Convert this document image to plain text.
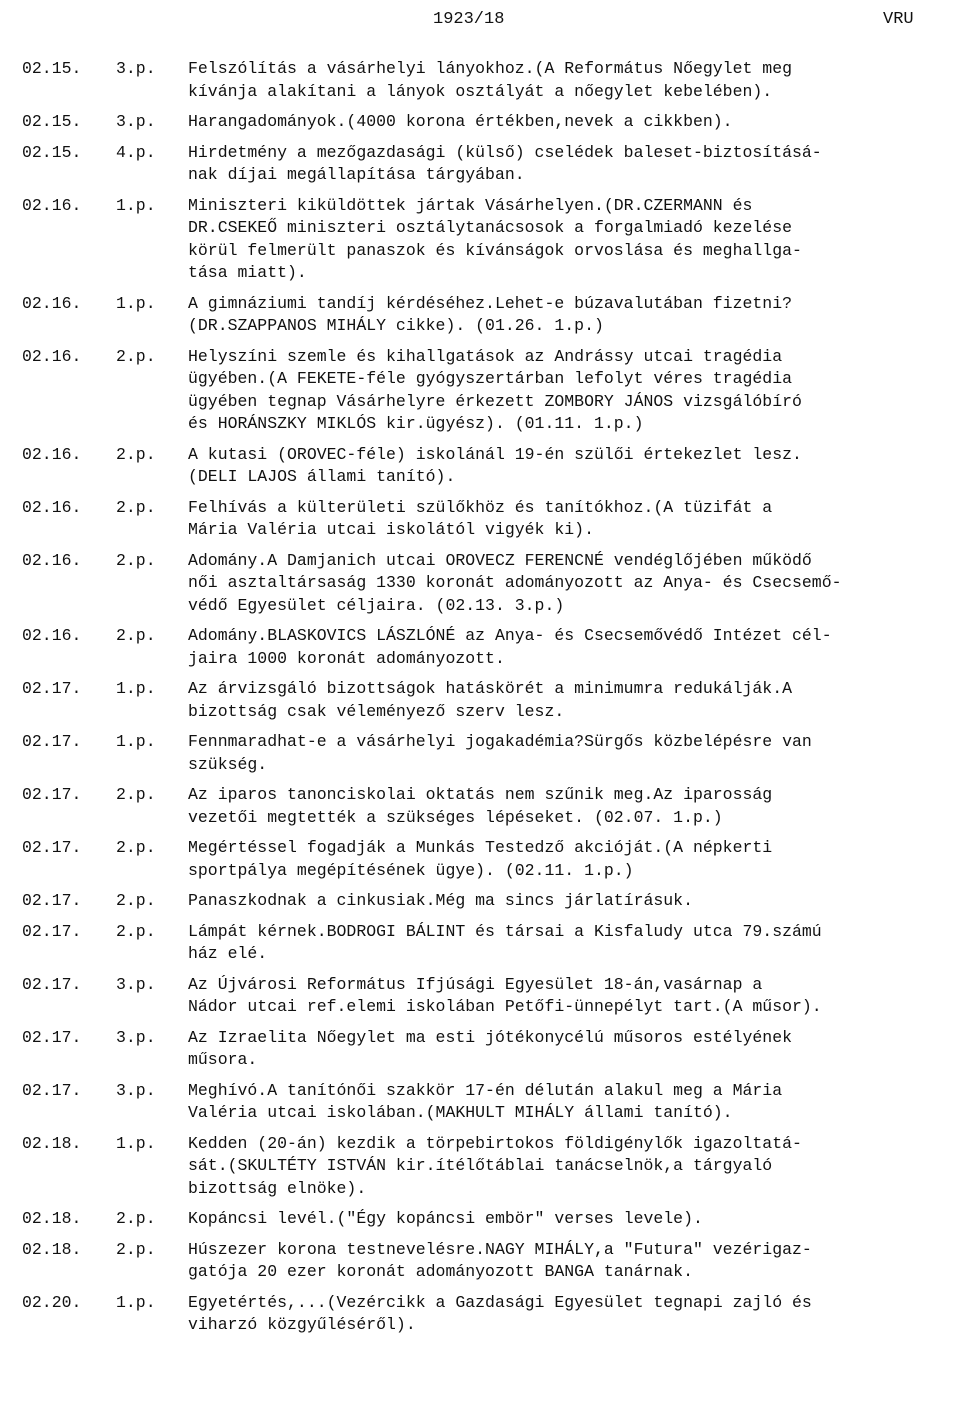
1923/18	VRU
02.15.	3.p.	Felszólítás a vásárhelyi lányokhoz.(A Református Nőegylet meg
kívánja alakítani a lányok osztályát a nőegylet kebelében).
02.15.	3.p.	Harangadományok.(4000 korona értékben,nevek a cikkben).
02.15.	4.p.	Hirdetmény a mezőgazdasági (külső) cselédek baleset-biztosításá-
nak díjai megállapítása tárgyában.
02.16.	1.p.	Miniszteri kiküldöttek jártak Vásárhelyen.(DR.CZERMANN és
DR.CSEKEŐ miniszteri osztálytanácsosok a forgalmiadó kezelése
körül felmerült panaszok és kívánságok orvoslása és meghallga-
tása miatt).
02.16.	1.p.	A gimnáziumi tandíj kérdéséhez.Lehet-e búzavalutában fizetni?
(DR.SZAPPANOS MIHÁLY cikke). (01.26. 1.p.)
02.16.	2.p.	Helyszíni szemle és kihallgatások az Andrássy utcai tragédia
ügyében.(A FEKETE-féle gyógyszertárban lefolyt véres tragédia
ügyében tegnap Vásárhelyre érkezett ZOMBORY JÁNOS vizsgálóbíró
és HORÁNSZKY MIKLÓS kir.ügyész). (01.11. 1.p.)
02.16.	2.p.	A kutasi (OROVEC-féle) iskolánál 19-én szülői értekezlet lesz.
(DELI LAJOS állami tanító).
02.16.	2.p.	Felhívás a külterületi szülőkhöz és tanítókhoz.(A tüzifát a
Mária Valéria utcai iskolától vigyék ki).
02.16.	2.p.	Adomány.A Damjanich utcai OROVECZ FERENCNÉ vendéglőjében működő
női asztaltársaság 1330 koronát adományozott az Anya- és Csecsemő-
védő Egyesület céljaira. (02.13. 3.p.)
02.16.	2.p.	Adomány.BLASKOVICS LÁSZLÓNÉ az Anya- és Csecsemővédő Intézet cél-
jaira 1000 koronát adományozott.
02.17.	1.p.	Az árvizsgáló bizottságok hatáskörét a minimumra redukálják.A
bizottság csak véleményező szerv lesz.
02.17.	1.p.	Fennmaradhat-e a vásárhelyi jogakadémia?Sürgős közbelépésre van
szükség.
02.17.	2.p.	Az iparos tanonciskolai oktatás nem szűnik meg.Az iparosság
vezetői megtették a szükséges lépéseket. (02.07. 1.p.)
02.17.	2.p.	Megértéssel fogadják a Munkás Testedző akcióját.(A népkerti
sportpálya megépítésének ügye). (02.11. 1.p.)
02.17.	2.p.	Panaszkodnak a cinkusiak.Még ma sincs járlatírásuk.
02.17.	2.p.	Lámpát kérnek.BODROGI BÁLINT és társai a Kisfaludy utca 79.számú
ház elé.
02.17.	3.p.	Az Újvárosi Református Ifjúsági Egyesület 18-án,vasárnap a
Nádor utcai ref.elemi iskolában Petőfi-ünnepélyt tart.(A műsor).
02.17.	3.p.	Az Izraelita Nőegylet ma esti jótékonycélú műsoros estélyének
műsora.
02.17.	3.p.	Meghívó.A tanítónői szakkör 17-én délután alakul meg a Mária
Valéria utcai iskolában.(MAKHULT MIHÁLY állami tanító).
02.18.	1.p.	Kedden (20-án) kezdik a törpebirtokos földigénylők igazoltatá-
sát.(SKULTÉTY ISTVÁN kir.ítélőtáblai tanácselnök,a tárgyaló
bizottság elnöke).
02.18.	2.p.	Kopáncsi levél.("Égy kopáncsi embör" verses levele).
02.18.	2.p.	Húszezer korona testnevelésre.NAGY MIHÁLY,a "Futura" vezérigaz-
gatója 20 ezer koronát adományozott BANGA tanárnak.
02.20.	1.p.	Egyetértés,...(Vezércikk a Gazdasági Egyesület tegnapi zajló és
viharzó közgyűléséről).
